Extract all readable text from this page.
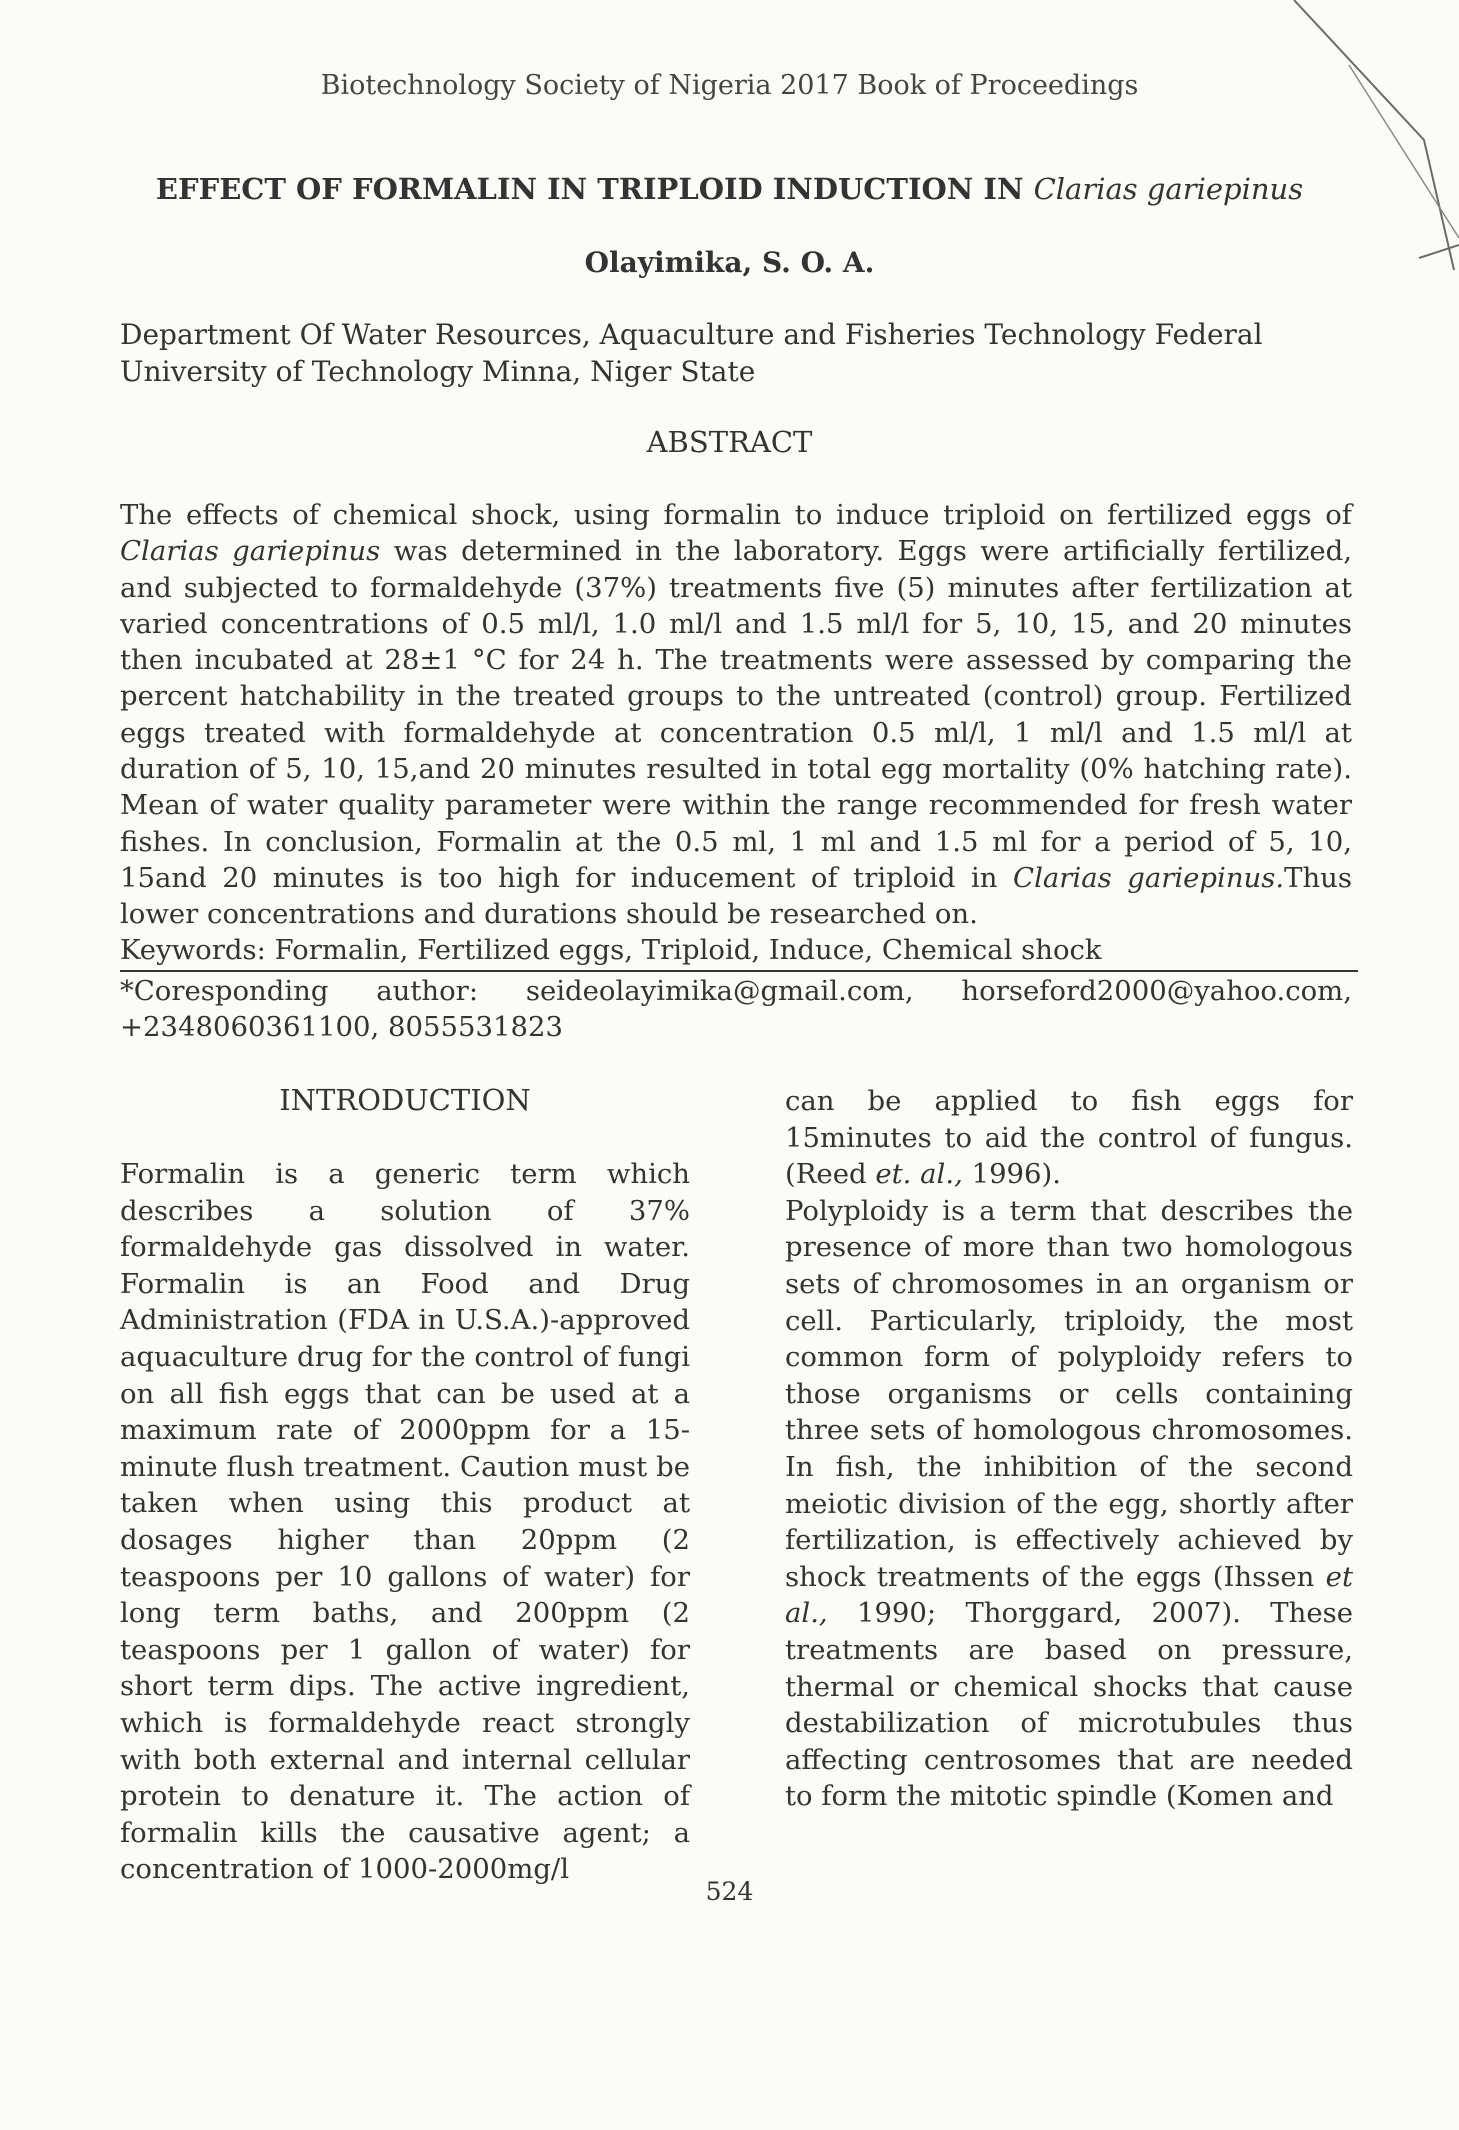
Biotechnology Society of Nigeria 2017 Book of Proceedings
EFFECT OF FORMALIN IN TRIPLOID INDUCTION IN Clarias gariepinus
Olayimika, S. O. A.
Department Of Water Resources, Aquaculture and Fisheries Technology Federal University of Technology Minna, Niger State
ABSTRACT
The effects of chemical shock, using formalin to induce triploid on fertilized eggs of Clarias gariepinus was determined in the laboratory. Eggs were artificially fertilized, and subjected to formaldehyde (37%) treatments five (5) minutes after fertilization at varied concentrations of 0.5 ml/l, 1.0 ml/l and 1.5 ml/l for 5, 10, 15, and 20 minutes then incubated at 28±1 °C for 24 h. The treatments were assessed by comparing the percent hatchability in the treated groups to the untreated (control) group. Fertilized eggs treated with formaldehyde at concentration 0.5 ml/l, 1 ml/l and 1.5 ml/l at duration of 5, 10, 15,and 20 minutes resulted in total egg mortality (0% hatching rate). Mean of water quality parameter were within the range recommended for fresh water fishes. In conclusion, Formalin at the 0.5 ml, 1 ml and 1.5 ml for a period of 5, 10, 15and 20 minutes is too high for inducement of triploid in Clarias gariepinus.Thus lower concentrations and durations should be researched on.
Keywords: Formalin, Fertilized eggs, Triploid, Induce, Chemical shock
*Coresponding author: seideolayimika@gmail.com, horseford2000@yahoo.com,
+2348060361100, 8055531823
INTRODUCTION

Formalin is a generic term which describes a solution of 37% formaldehyde gas dissolved in water. Formalin is an Food and Drug Administration (FDA in U.S.A.)-approved aquaculture drug for the control of fungi on all fish eggs that can be used at a maximum rate of 2000ppm for a 15-minute flush treatment. Caution must be taken when using this product at dosages higher than 20ppm (2 teaspoons per 10 gallons of water) for long term baths, and 200ppm (2 teaspoons per 1 gallon of water) for short term dips. The active ingredient, which is formaldehyde react strongly with both external and internal cellular protein to denature it. The action of formalin kills the causative agent; a concentration of 1000-2000mg/l

can be applied to fish eggs for 15minutes to aid the control of fungus. (Reed et. al., 1996).

Polyploidy is a term that describes the presence of more than two homologous sets of chromosomes in an organism or cell. Particularly, triploidy, the most common form of polyploidy refers to those organisms or cells containing three sets of homologous chromosomes. In fish, the inhibition of the second meiotic division of the egg, shortly after fertilization, is effectively achieved by shock treatments of the eggs (Ihssen et al., 1990; Thorggard, 2007). These treatments are based on pressure, thermal or chemical shocks that cause destabilization of microtubules thus affecting centrosomes that are needed to form the mitotic spindle (Komen and

524
